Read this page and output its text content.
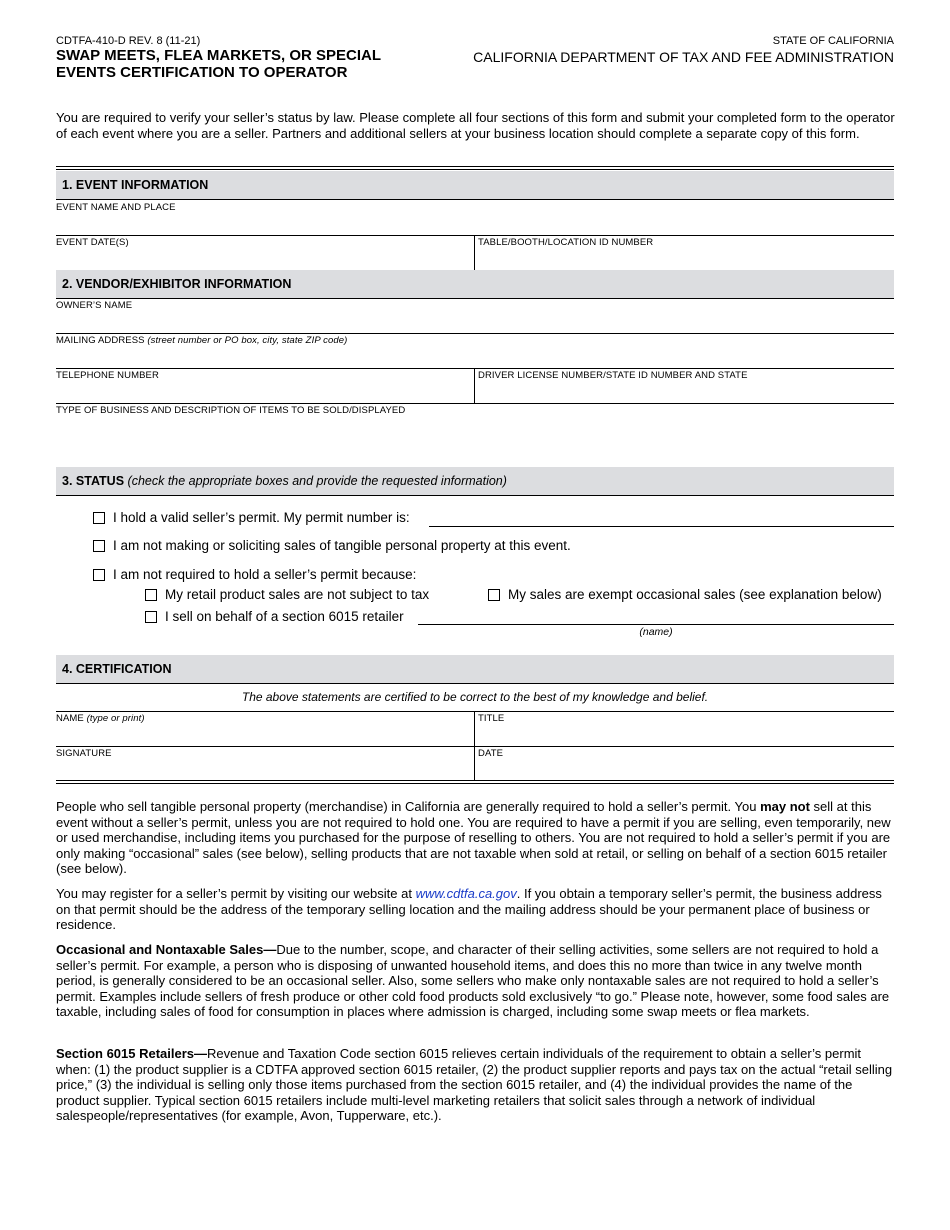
CDTFA-410-D REV. 8 (11-21)
SWAP MEETS, FLEA MARKETS, OR SPECIAL
EVENTS CERTIFICATION TO OPERATOR
STATE OF CALIFORNIA
CALIFORNIA DEPARTMENT OF TAX AND FEE ADMINISTRATION
You are required to verify your seller’s status by law. Please complete all four sections of this form and submit your completed form to the operator of each event where you are a seller. Partners and additional sellers at your business location should complete a separate copy of this form.
1. EVENT INFORMATION
EVENT NAME AND PLACE
EVENT DATE(S)	TABLE/BOOTH/LOCATION ID NUMBER
2. VENDOR/EXHIBITOR INFORMATION
OWNER’S NAME
MAILING ADDRESS (street number or PO box, city, state ZIP code)
TELEPHONE NUMBER	DRIVER LICENSE NUMBER/STATE ID NUMBER AND STATE
TYPE OF BUSINESS AND DESCRIPTION OF ITEMS TO BE SOLD/DISPLAYED
3. STATUS
(check the appropriate boxes and provide the requested information)
I hold a valid seller’s permit. My permit number is:
I am not making or soliciting sales of tangible personal property at this event.
I am not required to hold a seller’s permit because:
My retail product sales are not subject to tax	My sales are exempt occasional sales (see explanation below)
I sell on behalf of a section 6015 retailer
(name)
4. CERTIFICATION
The above statements are certified to be correct to the best of my knowledge and belief.
NAME (type or print)	TITLE
SIGNATURE	DATE
People who sell tangible personal property (merchandise) in California are generally required to hold a seller’s permit. You may not sell at this event without a seller’s permit, unless you are not required to hold one. You are required to have a permit if you are selling, even temporarily, new or used merchandise, including items you purchased for the purpose of reselling to others. You are not required to hold a seller’s permit if you are only making “occasional” sales (see below), selling products that are not taxable when sold at retail, or selling on behalf of a section 6015 retailer (see below).
You may register for a seller’s permit by visiting our website at www.cdtfa.ca.gov. If you obtain a temporary seller’s permit, the business address on that permit should be the address of the temporary selling location and the mailing address should be your permanent place of business or residence.
Occasional and Nontaxable Sales—Due to the number, scope, and character of their selling activities, some sellers are not required to hold a seller’s permit. For example, a person who is disposing of unwanted household items, and does this no more than twice in any twelve month period, is generally considered to be an occasional seller. Also, some sellers who make only nontaxable sales are not required to hold a seller’s permit. Examples include sellers of fresh produce or other cold food products sold exclusively “to go.” Please note, however, some food sales are taxable, including sales of food for consumption in places where admission is charged, including some swap meets or flea markets.
Section 6015 Retailers—Revenue and Taxation Code section 6015 relieves certain individuals of the requirement to obtain a seller’s permit when: (1) the product supplier is a CDTFA approved section 6015 retailer, (2) the product supplier reports and pays tax on the actual “retail selling price,” (3) the individual is selling only those items purchased from the section 6015 retailer, and (4) the individual provides the name of the product supplier. Typical section 6015 retailers include multi-level marketing retailers that solicit sales through a network of individual salespeople/representatives (for example, Avon, Tupperware, etc.).
